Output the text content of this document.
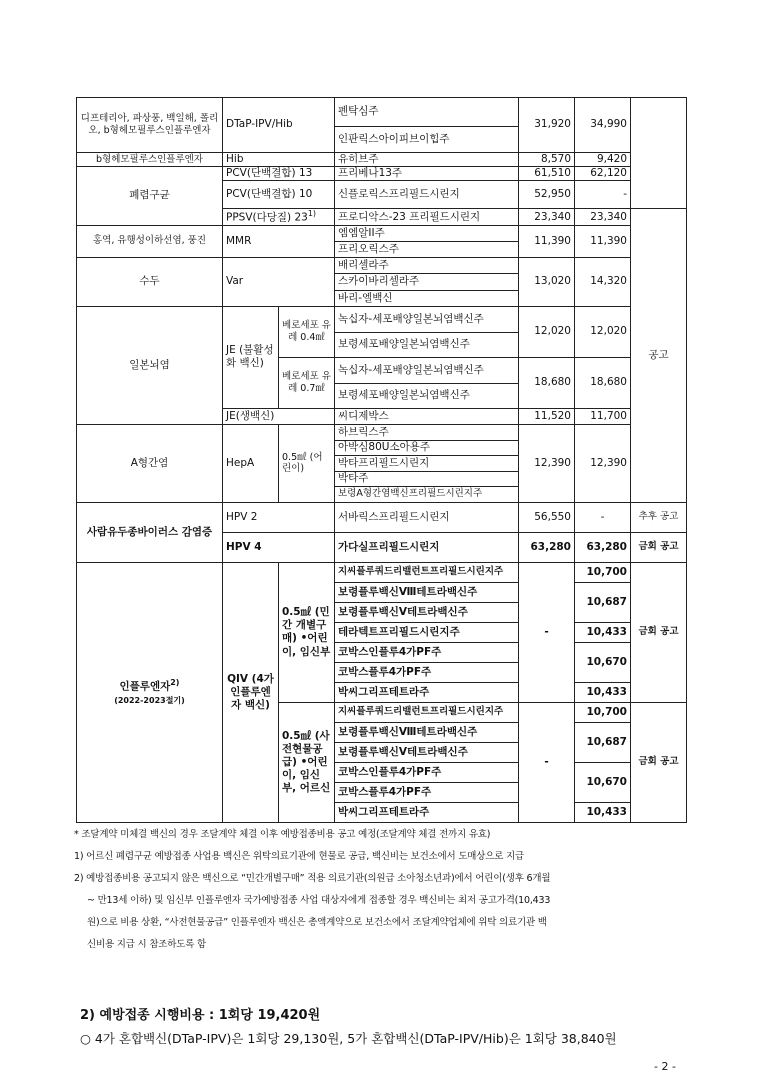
디프테리아, 파상풍, 백일해, 폴리오, b형헤모필루스인플루엔자	DTaP-IPV/Hib		펜탁심주	31,920	34,990	
			인판릭스아이피브이힙주			
b형헤모필루스인플루엔자	Hib		유히브주	8,570	9,420	
폐렴구균	PCV(단백결합) 13		프리베나13주	61,510	62,120	
	PCV(단백결합) 10		신플로릭스프리필드시린지	52,950	-	
	PPSV(다당질) 23$^{1)}$		프로디악스-23 프리필드시린지	23,340	23,340	공고
홍역, 유행성이하선염, 풍진	MMR		엠엠알II주	11,390	11,390	
			프리오릭스주			
수두	Var		배리셀라주	13,020	14,320	
			스카이바리셀라주			
			바리-엘백신			
일본뇌염	JE (불활성화 백신)	베로세포 유 레 0.4㎖	녹십자-세포배양일본뇌염백신주	12,020	12,020	
			보령세포배양일본뇌염백신주			
		베로세포 유 레 0.7㎖	녹십자-세포배양일본뇌염백신주	18,680	18,680	
			보령세포배양일본뇌염백신주			
	JE(생백신)		씨디제박스	11,520	11,700	
A형간염	HepA	0.5㎖ (어린이)	하브릭스주	12,390	12,390	
			아박심80U소아용주			
			박타프리필드시린지			
			박타주			
			보령A형간염백신프리필드시린지주			
사람유두종바이러스 감염증	HPV 2		서바릭스프리필드시린지	56,550	-	추후 공고
	HPV 4		가다실프리필드시린지	63,280	63,280	금회 공고
인플루엔자$^{2)}$
(2022-2023절기)	QIV (4가 인플루엔자 백신)	0.5㎖ (민간 개별구매) •어린이, 임신부	지씨플루쿼드리밸런트프리필드시린지주	-	10,700	금회 공고
			보령플루백신Ⅷ테트라백신주		10,687	
			보령플루백신Ⅴ테트라백신주			
			테라텍트프리필드시린지주		10,433	
			코박스인플루4가PF주		10,670	
			코박스플루4가PF주			
			박씨그리프테트라주		10,433	
		0.5㎖ (사전현물공급) •어린이, 임신부, 어르신	지씨플루쿼드리밸런트프리필드시린지주	-	10,700	금회 공고
			보령플루백신Ⅷ테트라백신주		10,687	
			보령플루백신Ⅴ테트라백신주			
			코박스인플루4가PF주		10,670	
			코박스플루4가PF주			
			박씨그리프테트라주		10,433	
* 조달계약 미체결 백신의 경우 조달계약 체결 이후 예방접종비용 공고 예정(조달계약 체결 전까지 유효)
1) 어르신 폐렴구균 예방접종 사업용 백신은 위탁의료기관에 현물로 공급, 백신비는 보건소에서 도매상으로 지급
2) 예방접종비용 공고되지 않은 백신으로 “민간개별구매” 적용 의료기관(의원급 소아청소년과)에서 어린이(생후 6개월
~ 만13세 이하) 및 임신부 인플루엔자 국가예방접종 사업 대상자에게 접종할 경우 백신비는 최저 공고가격(10,433
원)으로 비용 상환, “사전현물공급” 인플루엔자 백신은 총액계약으로 보건소에서 조달계약업체에 위탁 의료기관 백
신비용 지급 시 참조하도록 함
2) 예방접종 시행비용 : 1회당 19,420원
○ 4가 혼합백신(DTaP-IPV)은 1회당 29,130원, 5가 혼합백신(DTaP-IPV/Hib)은 1회당 38,840원
- 2 -
